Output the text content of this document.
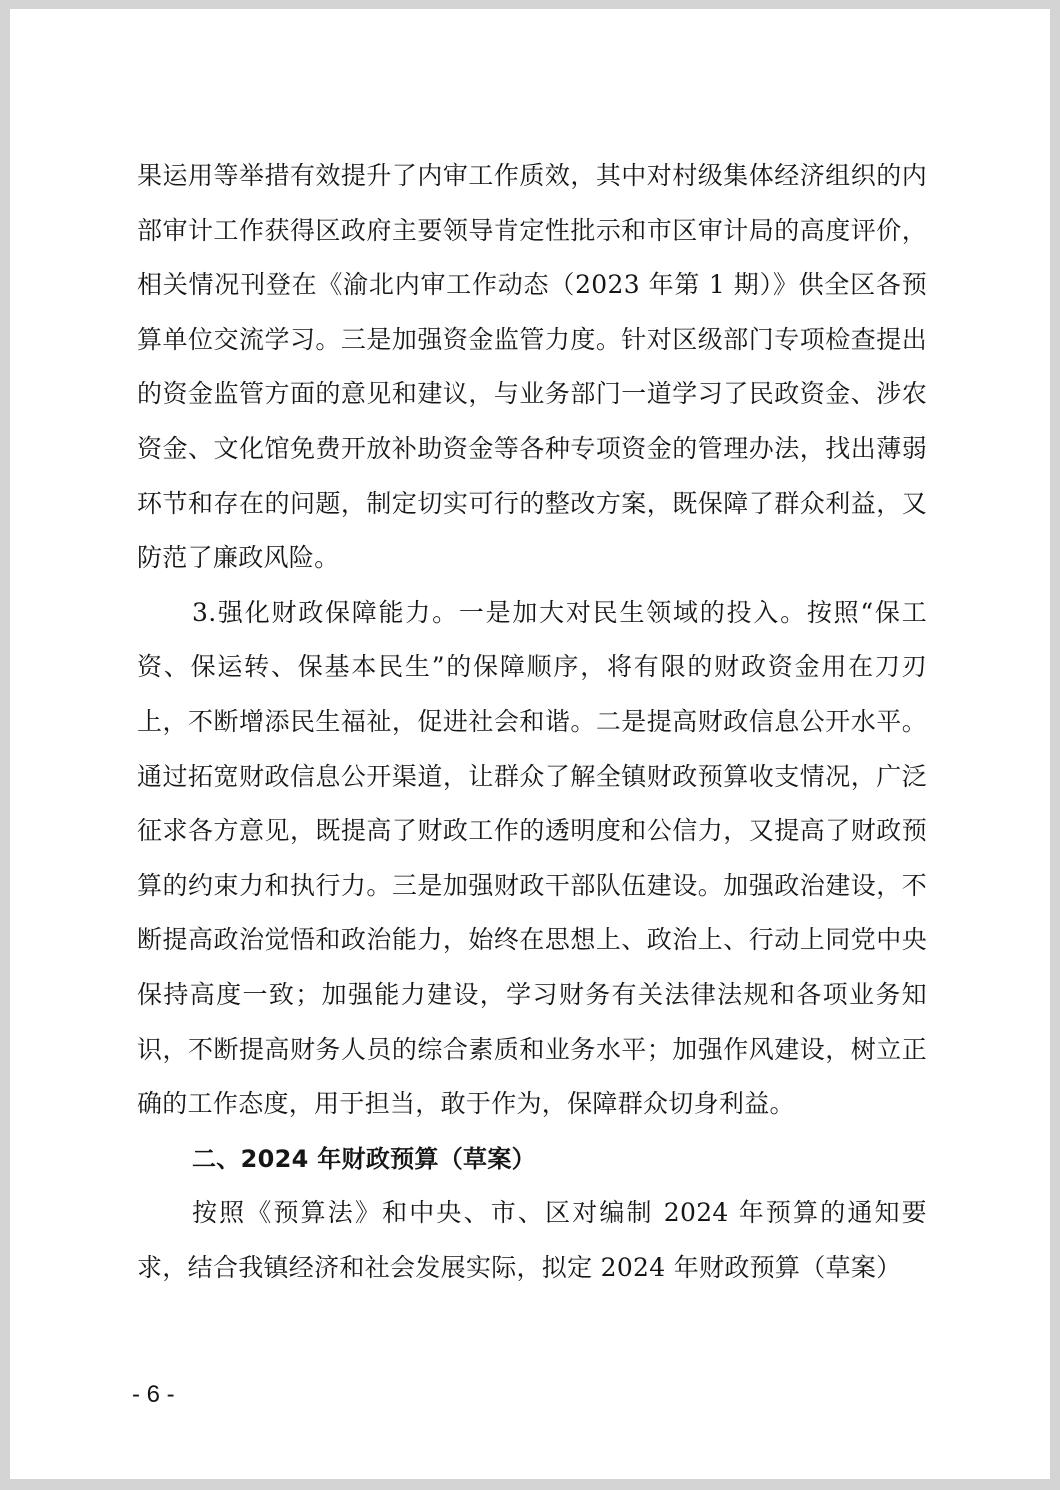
果运用等举措有效提升了内审工作质效，其中对村级集体经济组织的内部审计工作获得区政府主要领导肯定性批示和市区审计局的高度评价，相关情况刊登在《渝北内审工作动态（2023 年第 1 期）》供全区各预算单位交流学习。三是加强资金监管力度。针对区级部门专项检查提出的资金监管方面的意见和建议，与业务部门一道学习了民政资金、涉农资金、文化馆免费开放补助资金等各种专项资金的管理办法，找出薄弱环节和存在的问题，制定切实可行的整改方案，既保障了群众利益，又防范了廉政风险。

3.强化财政保障能力。一是加大对民生领域的投入。按照“保工资、保运转、保基本民生”的保障顺序，将有限的财政资金用在刀刃上，不断增添民生福祉，促进社会和谐。二是提高财政信息公开水平。通过拓宽财政信息公开渠道，让群众了解全镇财政预算收支情况，广泛征求各方意见，既提高了财政工作的透明度和公信力，又提高了财政预算的约束力和执行力。三是加强财政干部队伍建设。加强政治建设，不断提高政治觉悟和政治能力，始终在思想上、政治上、行动上同党中央保持高度一致；加强能力建设，学习财务有关法律法规和各项业务知识，不断提高财务人员的综合素质和业务水平；加强作风建设，树立正确的工作态度，用于担当，敢于作为，保障群众切身利益。

二、2024 年财政预算（草案）

按照《预算法》和中央、市、区对编制 2024 年预算的通知要求，结合我镇经济和社会发展实际，拟定 2024 年财政预算（草案）

- 6 -
